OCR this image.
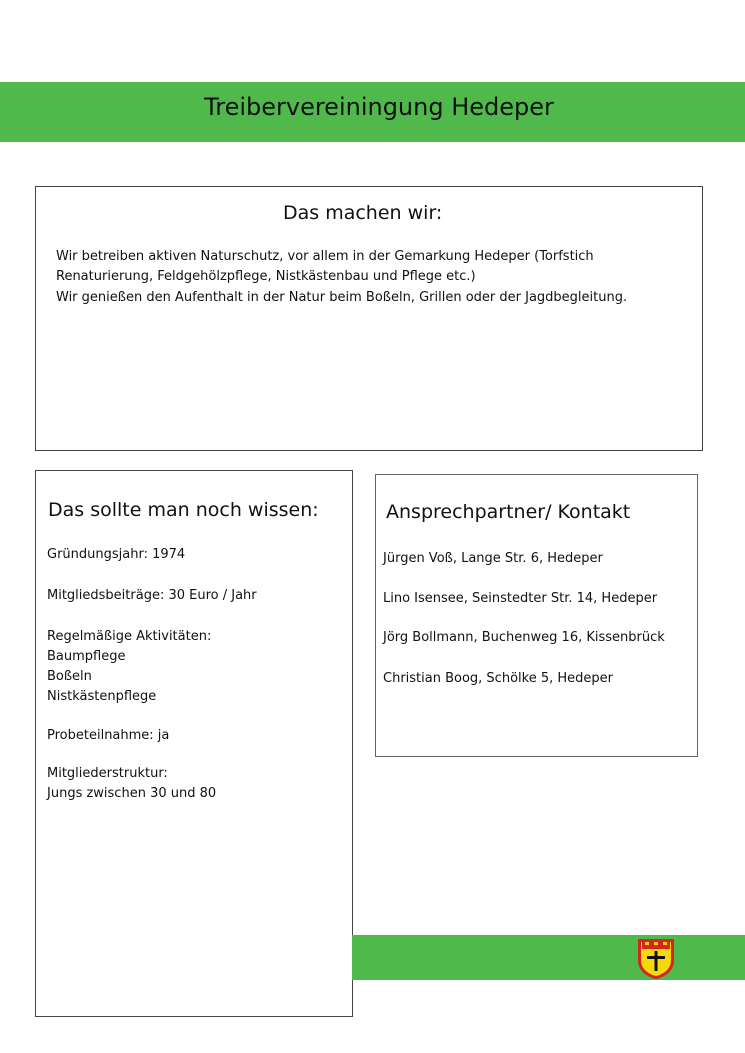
Treibervereiningung Hedeper
Das machen wir:
Wir betreiben aktiven Naturschutz, vor allem in der Gemarkung Hedeper (Torfstich
Renaturierung, Feldgehölzpflege, Nistkästenbau und Pflege etc.)
Wir genießen den Aufenthalt in der Natur beim Boßeln, Grillen oder der Jagdbegleitung.
Das sollte man noch wissen:
Gründungsjahr: 1974
Mitgliedsbeiträge: 30 Euro / Jahr
Regelmäßige Aktivitäten:
Baumpflege
Boßeln
Nistkästenpflege
Probeteilnahme: ja
Mitgliederstruktur:
Jungs zwischen 30 und 80
Ansprechpartner/ Kontakt
Jürgen Voß, Lange Str. 6, Hedeper
Lino Isensee, Seinstedter Str. 14, Hedeper
Jörg Bollmann, Buchenweg 16, Kissenbrück
Christian Boog, Schölke 5, Hedeper
